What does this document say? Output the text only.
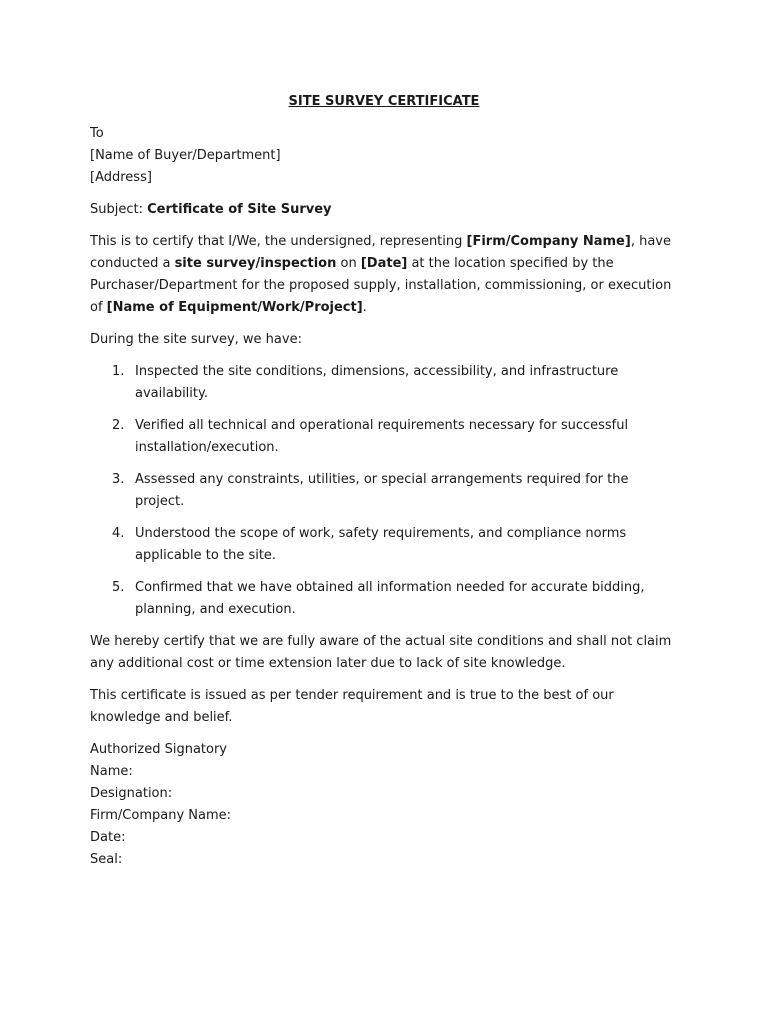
SITE SURVEY CERTIFICATE

To
[Name of Buyer/Department]
[Address]

Subject: Certificate of Site Survey

This is to certify that I/We, the undersigned, representing [Firm/Company Name], have conducted a site survey/inspection on [Date] at the location specified by the Purchaser/Department for the proposed supply, installation, commissioning, or execution of [Name of Equipment/Work/Project].

During the site survey, we have:

1. Inspected the site conditions, dimensions, accessibility, and infrastructure availability.
2. Verified all technical and operational requirements necessary for successful installation/execution.
3. Assessed any constraints, utilities, or special arrangements required for the project.
4. Understood the scope of work, safety requirements, and compliance norms applicable to the site.
5. Confirmed that we have obtained all information needed for accurate bidding, planning, and execution.

We hereby certify that we are fully aware of the actual site conditions and shall not claim any additional cost or time extension later due to lack of site knowledge.

This certificate is issued as per tender requirement and is true to the best of our knowledge and belief.

Authorized Signatory
Name:
Designation:
Firm/Company Name:
Date:
Seal:
